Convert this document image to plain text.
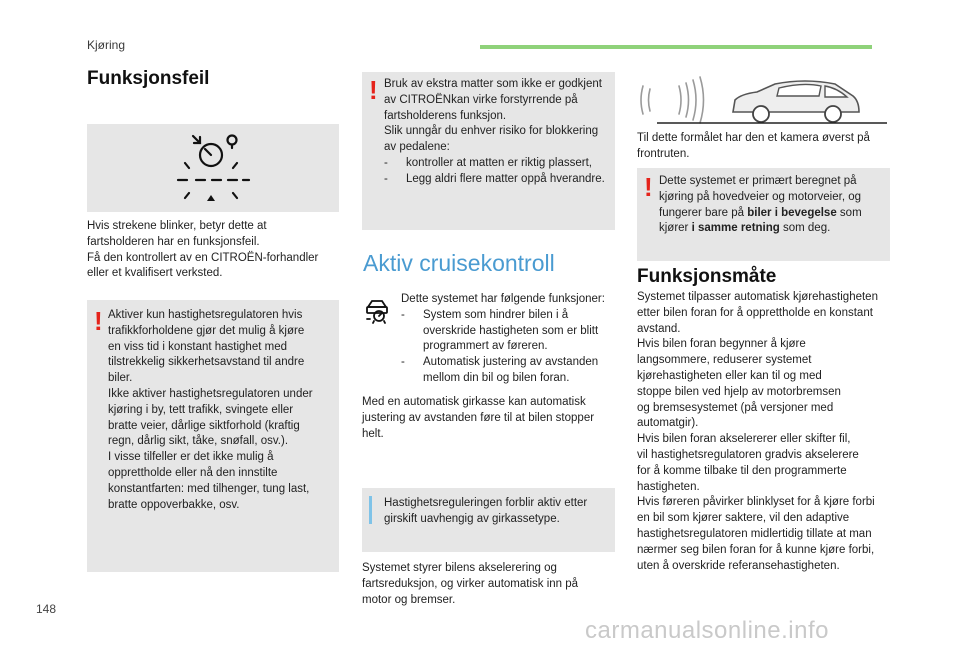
Kjøring
148
carmanualsonline.info
Funksjonsfeil
Hvis strekene blinker, betyr dette at
fartsholderen har en funksjonsfeil.
Få den kontrollert av en CITROËN-forhandler
eller et kvalifisert verksted.
! Aktiver kun hastighetsregulatoren hvis
trafikkforholdene gjør det mulig å kjøre
en viss tid i konstant hastighet med
tilstrekkelig sikkerhetsavstand til andre
biler.
Ikke aktiver hastighetsregulatoren under
kjøring i by, tett trafikk, svingete eller
bratte veier, dårlige siktforhold (kraftig
regn, dårlig sikt, tåke, snøfall, osv.).
I visse tilfeller er det ikke mulig å
opprettholde eller nå den innstilte
konstantfarten: med tilhenger, tung last,
bratte oppoverbakke, osv.
! Bruk av ekstra matter som ikke er godkjent
av CITROËNkan virke forstyrrende på
fartsholderens funksjon.
Slik unngår du enhver risiko for blokkering
av pedalene:
-	kontroller at matten er riktig plassert,
-	Legg aldri flere matter oppå hverandre.
Aktiv cruisekontroll
Dette systemet har følgende funksjoner:
-	System som hindrer bilen i å
overskride hastigheten som er blitt
programmert av føreren.
-	Automatisk justering av avstanden
mellom din bil og bilen foran.
Med en automatisk girkasse kan automatisk
justering av avstanden føre til at bilen stopper
helt.
Hastighetsreguleringen forblir aktiv etter
girskift uavhengig av girkassetype.
Systemet styrer bilens akselerering og
fartsreduksjon, og virker automatisk inn på
motor og bremser.
Til dette formålet har den et kamera øverst på
frontruten.
! Dette systemet er primært beregnet på
kjøring på hovedveier og motorveier, og
fungerer bare på biler i bevegelse som
kjører i samme retning som deg.
Funksjonsmåte
Systemet tilpasser automatisk kjørehastigheten
etter bilen foran for å opprettholde en konstant
avstand.
Hvis bilen foran begynner å kjøre
langsommere, reduserer systemet
kjørehastigheten eller kan til og med
stoppe bilen ved hjelp av motorbremsen
og bremsesystemet (på versjoner med
automatgir).
Hvis bilen foran akselererer eller skifter fil,
vil hastighetsregulatoren gradvis akselerere
for å komme tilbake til den programmerte
hastigheten.
Hvis føreren påvirker blinklyset for å kjøre forbi
en bil som kjører saktere, vil den adaptive
hastighetsregulatoren midlertidig tillate at man
nærmer seg bilen foran for å kunne kjøre forbi,
uten å overskride referansehastigheten.
